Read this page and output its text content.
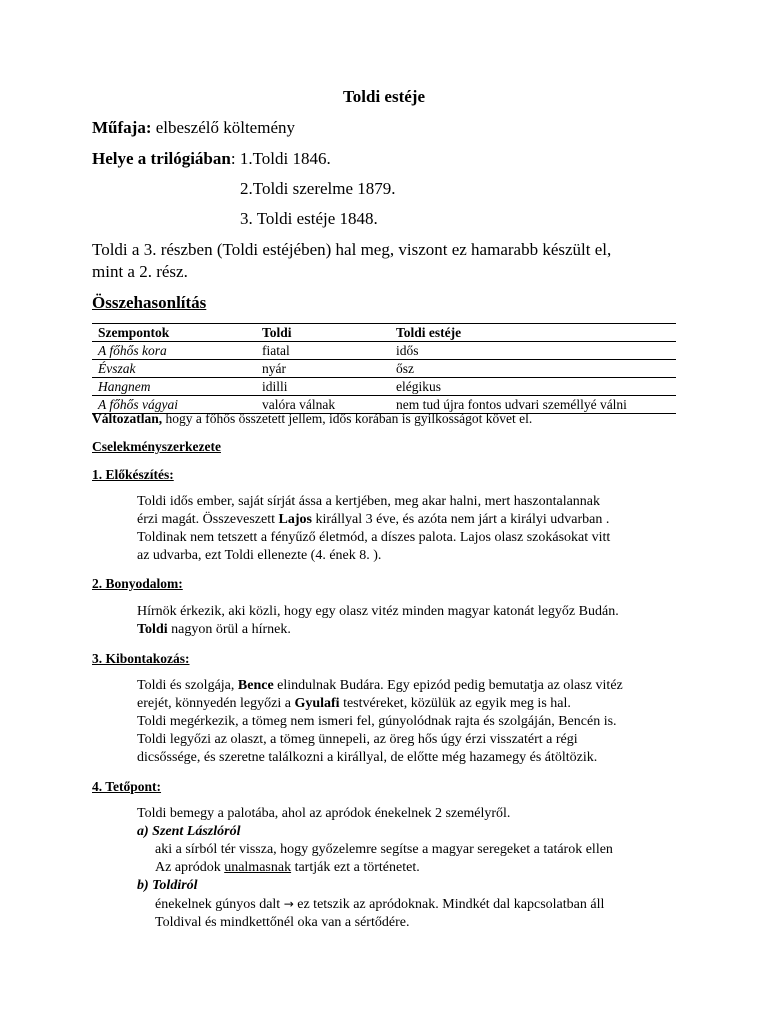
Toldi estéje
Műfaja: elbeszélő költemény
Helye a trilógiában: 1.Toldi 1846.
2.Toldi szerelme 1879.
3. Toldi estéje 1848.
Toldi a 3. részben (Toldi estéjében) hal meg, viszont ez hamarabb készült el,
mint a 2. rész.
Összehasonlítás
Szempontok	Toldi	Toldi estéje
A főhős kora	fiatal	idős
Évszak	nyár	ősz
Hangnem	idilli	elégikus
A főhős vágyai	valóra válnak	nem tud újra fontos udvari személlyé válni
Változatlan, hogy a főhős összetett jellem, idős korában is gyilkosságot követ el.
Cselekményszerkezete
1. Előkészítés:
Toldi idős ember, saját sírját ássa a kertjében, meg akar halni, mert haszontalannak
érzi magát. Összeveszett Lajos királlyal 3 éve, és azóta nem járt a királyi udvarban .
Toldinak nem tetszett a fényűző életmód, a díszes palota. Lajos olasz szokásokat vitt
az udvarba, ezt Toldi ellenezte (4. ének 8. ).
2. Bonyodalom:
Hírnök érkezik, aki közli, hogy egy olasz vitéz minden magyar katonát legyőz Budán.
Toldi nagyon örül a hírnek.
3. Kibontakozás:
Toldi és szolgája, Bence elindulnak Budára. Egy epizód pedig bemutatja az olasz vitéz
erejét, könnyedén legyőzi a Gyulafi testvéreket, közülük az egyik meg is hal.
Toldi megérkezik, a tömeg nem ismeri fel, gúnyolódnak rajta és szolgáján, Bencén is.
Toldi legyőzi az olaszt, a tömeg ünnepeli, az öreg hős úgy érzi visszatért a régi
dicsőssége, és szeretne találkozni a királlyal, de előtte még hazamegy és átöltözik.
4. Tetőpont:
Toldi bemegy a palotába, ahol az apródok énekelnek 2 személyről.
a) Szent Lászlóról
aki a sírból tér vissza, hogy győzelemre segítse a magyar seregeket a tatárok ellen
Az apródok unalmasnak tartják ezt a történetet.
b) Toldiról
énekelnek gúnyos dalt → ez tetszik az apródoknak. Mindkét dal kapcsolatban áll
Toldival és mindkettőnél oka van a sértődére.
